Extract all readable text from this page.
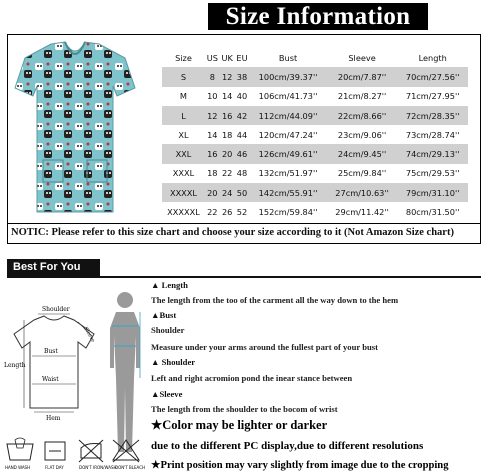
Size Information
Size	US	UK	EU	Bust	Sleeve	Length
S	8	12	38	100cm/39.37''	20cm/7.87''	70cm/27.56''
M	10	14	40	106cm/41.73''	21cm/8.27''	71cm/27.95''
L	12	16	42	112cm/44.09''	22cm/8.66''	72cm/28.35''
XL	14	18	44	120cm/47.24''	23cm/9.06''	73cm/28.74''
XXL	16	20	46	126cm/49.61''	24cm/9.45''	74cm/29.13''
XXXL	18	22	48	132cm/51.97''	25cm/9.84''	75cm/29.53''
XXXXL	20	24	50	142cm/55.91''	27cm/10.63''	79cm/31.10''
XXXXXL	22	26	52	152cm/59.84''	29cm/11.42''	80cm/31.50''
NOTIC: Please refer to this size chart and choose your size according to it (Not Amazon Size chart)
Best For You
Shoulder
Bust
Length
Waist
Hem
Sleeve
HAND WASH	FLAT DAY	DON'T IRON/WASH
DON'T BLEACH
▲ Length
The length from the too of the carment all the way down to the hem
▲Bust
Shoulder
Measure under your arms around the fullest part of your bust
▲ Shoulder
Left and right acromion pond the inear stance between
▲Sleeve
The length from the shoulder to the bocom of wrist
★Color may be lighter or darker
due to the different PC display,due to different resolutions
★Print position may vary slightly from image due to the cropping
